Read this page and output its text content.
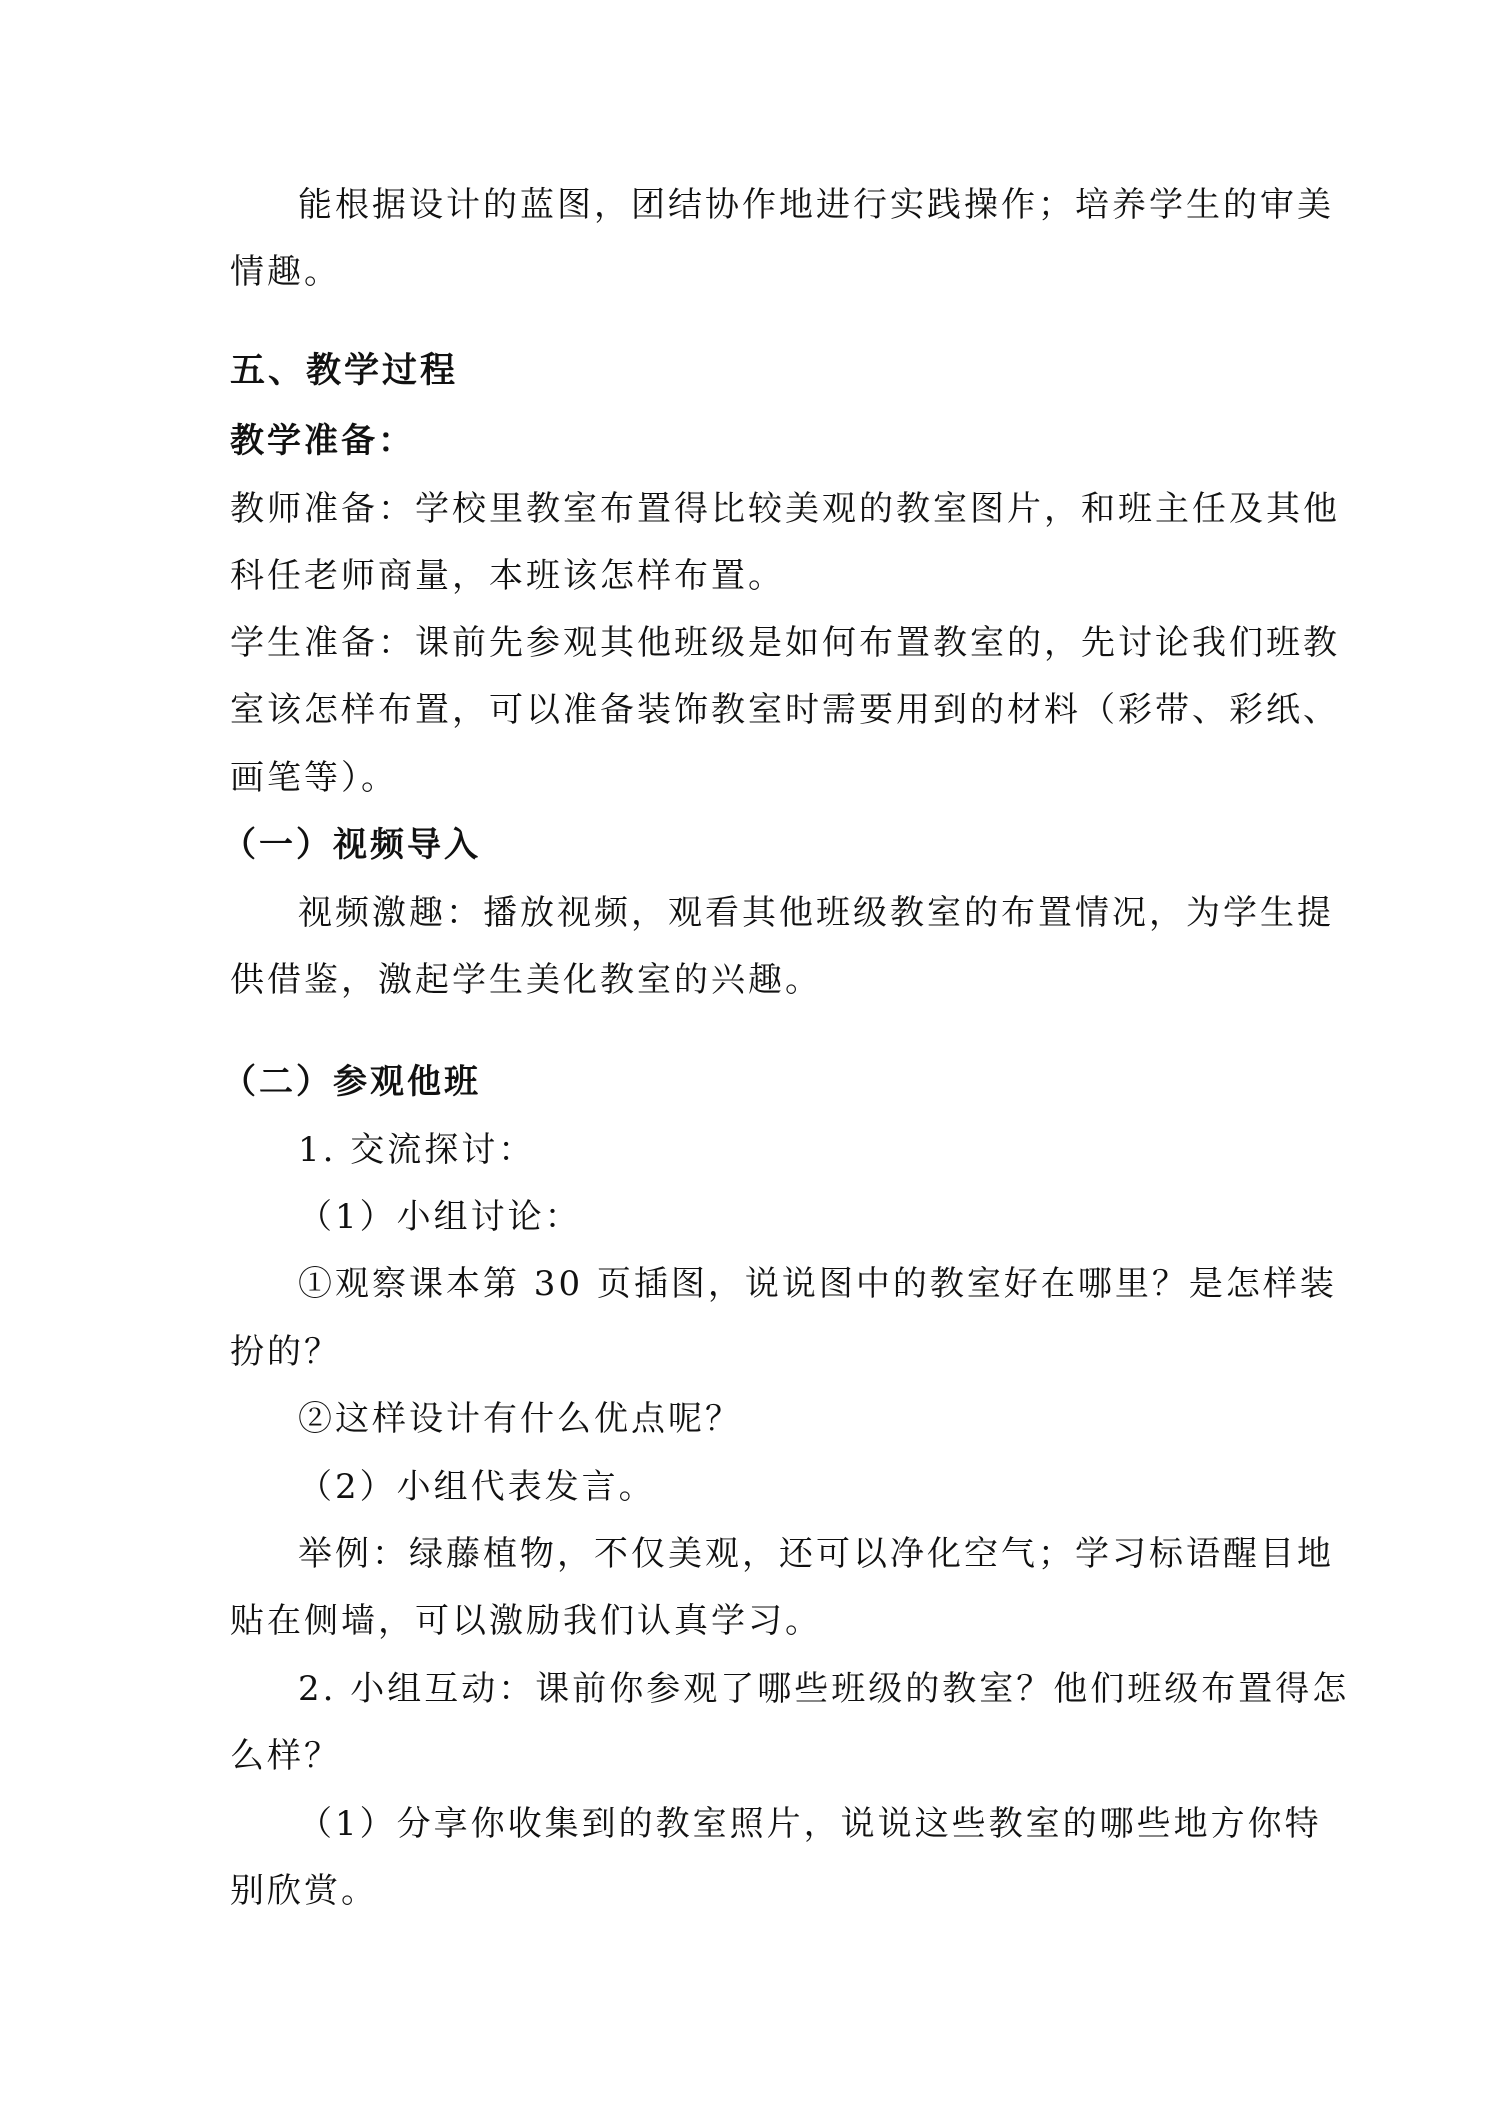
能根据设计的蓝图，团结协作地进行实践操作；培养学生的审美

情趣。

五、教学过程

教学准备：

教师准备：学校里教室布置得比较美观的教室图片，和班主任及其他

科任老师商量，本班该怎样布置。

学生准备：课前先参观其他班级是如何布置教室的，先讨论我们班教

室该怎样布置，可以准备装饰教室时需要用到的材料（彩带、彩纸、

画笔等）。

（一）视频导入

视频激趣：播放视频，观看其他班级教室的布置情况，为学生提

供借鉴，激起学生美化教室的兴趣。

（二）参观他班

1. 交流探讨：

（1）小组讨论：

①观察课本第 30 页插图，说说图中的教室好在哪里？是怎样装

扮的？

②这样设计有什么优点呢？

（2）小组代表发言。

举例：绿藤植物，不仅美观，还可以净化空气；学习标语醒目地

贴在侧墙，可以激励我们认真学习。

2. 小组互动：课前你参观了哪些班级的教室？他们班级布置得怎

么样？

（1）分享你收集到的教室照片，说说这些教室的哪些地方你特

别欣赏。
